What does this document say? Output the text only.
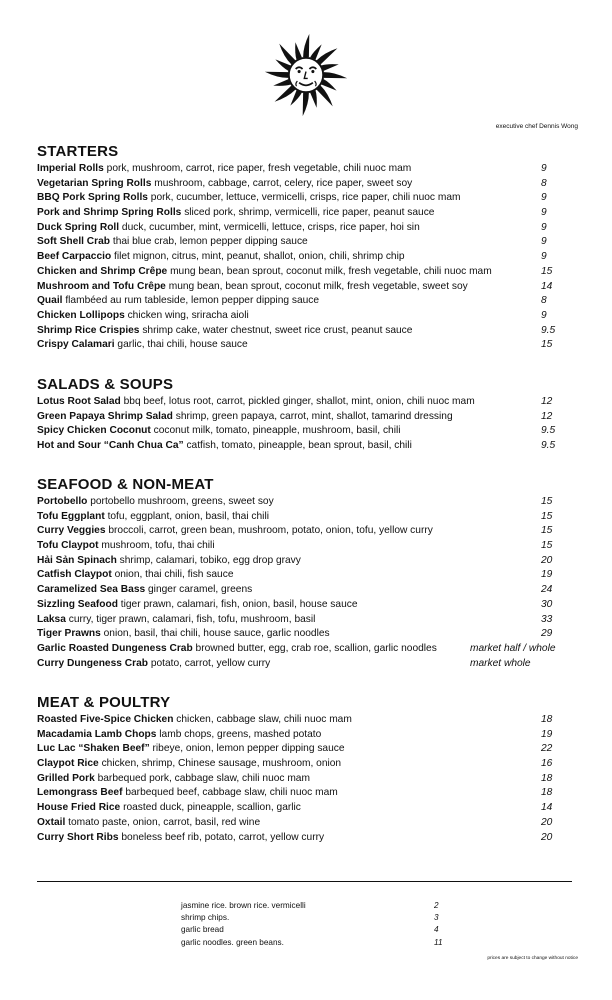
executive chef Dennis Wong
STARTERS
Imperial Rolls pork, mushroom, carrot, rice paper, fresh vegetable, chili nuoc mam	9
Vegetarian Spring Rolls mushroom, cabbage, carrot, celery, rice paper, sweet soy	8
BBQ Pork Spring Rolls pork, cucumber, lettuce, vermicelli, crisps, rice paper, chili nuoc mam	9
Pork and Shrimp Spring Rolls sliced pork, shrimp, vermicelli, rice paper, peanut sauce	9
Duck Spring Roll duck, cucumber, mint, vermicelli, lettuce, crisps, rice paper, hoi sin	9
Soft Shell Crab thai blue crab, lemon pepper dipping sauce	9
Beef Carpaccio filet mignon, citrus, mint, peanut, shallot, onion, chili, shrimp chip	9
Chicken and Shrimp Crêpe mung bean, bean sprout, coconut milk, fresh vegetable, chili nuoc mam	15
Mushroom and Tofu Crêpe mung bean, bean sprout, coconut milk, fresh vegetable, sweet soy	14
Quail flambéed au rum tableside, lemon pepper dipping sauce	8
Chicken Lollipops chicken wing, sriracha aioli	9
Shrimp Rice Crispies shrimp cake, water chestnut, sweet rice crust, peanut sauce	9.5
Crispy Calamari garlic, thai chili, house sauce	15
SALADS & SOUPS
Lotus Root Salad bbq beef, lotus root, carrot, pickled ginger, shallot, mint, onion, chili nuoc mam	12
Green Papaya Shrimp Salad shrimp, green papaya, carrot, mint, shallot, tamarind dressing	12
Spicy Chicken Coconut coconut milk, tomato, pineapple, mushroom, basil, chili	9.5
Hot and Sour “Canh Chua Ca” catfish, tomato, pineapple, bean sprout, basil, chili	9.5
SEAFOOD & NON-MEAT
Portobello portobello mushroom, greens, sweet soy	15
Tofu Eggplant tofu, eggplant, onion, basil, thai chili	15
Curry Veggies broccoli, carrot, green bean, mushroom, potato, onion, tofu, yellow curry	15
Tofu Claypot mushroom, tofu, thai chili	15
Hải Sản Spinach shrimp, calamari, tobiko, egg drop gravy	20
Catfish Claypot onion, thai chili, fish sauce	19
Caramelized Sea Bass ginger caramel, greens	24
Sizzling Seafood tiger prawn, calamari, fish, onion, basil, house sauce	30
Laksa curry, tiger prawn, calamari, fish, tofu, mushroom, basil	33
Tiger Prawns onion, basil, thai chili, house sauce, garlic noodles	29
Garlic Roasted Dungeness Crab browned butter, egg, crab roe, scallion, garlic noodles	market half / whole
Curry Dungeness Crab potato, carrot, yellow curry	market whole
MEAT & POULTRY
Roasted Five-Spice Chicken chicken, cabbage slaw, chili nuoc mam	18
Macadamia Lamb Chops lamb chops, greens, mashed potato	19
Luc Lac “Shaken Beef” ribeye, onion, lemon pepper dipping sauce	22
Claypot Rice chicken, shrimp, Chinese sausage, mushroom, onion	16
Grilled Pork barbequed pork, cabbage slaw, chili nuoc mam	18
Lemongrass Beef barbequed beef, cabbage slaw, chili nuoc mam	18
House Fried Rice roasted duck, pineapple, scallion, garlic	14
Oxtail tomato paste, onion, carrot, basil, red wine	20
Curry Short Ribs boneless beef rib, potato, carrot, yellow curry	20
jasmine rice. brown rice. vermicelli	2
shrimp chips.	3
garlic bread	4
garlic noodles. green beans.	11
prices are subject to change without notice
